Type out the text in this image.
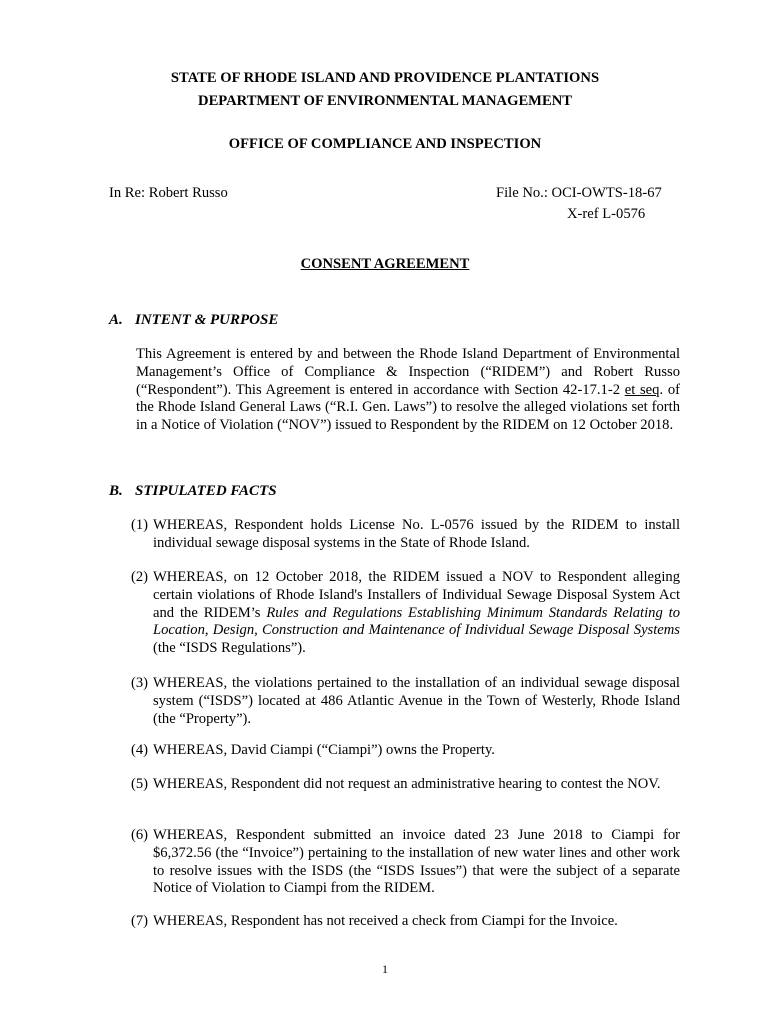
STATE OF RHODE ISLAND AND PROVIDENCE PLANTATIONS
DEPARTMENT OF ENVIRONMENTAL MANAGEMENT
OFFICE OF COMPLIANCE AND INSPECTION
In Re: Robert Russo	File No.: OCI-OWTS-18-67
X-ref L-0576
CONSENT AGREEMENT
A. INTENT & PURPOSE
This Agreement is entered by and between the Rhode Island Department of Environmental Management’s Office of Compliance & Inspection (“RIDEM”) and Robert Russo (“Respondent”). This Agreement is entered in accordance with Section 42-17.1-2 et seq. of the Rhode Island General Laws (“R.I. Gen. Laws”) to resolve the alleged violations set forth in a Notice of Violation (“NOV”) issued to Respondent by the RIDEM on 12 October 2018.
B. STIPULATED FACTS
(1) WHEREAS, Respondent holds License No. L-0576 issued by the RIDEM to install individual sewage disposal systems in the State of Rhode Island.
(2) WHEREAS, on 12 October 2018, the RIDEM issued a NOV to Respondent alleging certain violations of Rhode Island's Installers of Individual Sewage Disposal System Act and the RIDEM’s Rules and Regulations Establishing Minimum Standards Relating to Location, Design, Construction and Maintenance of Individual Sewage Disposal Systems (the “ISDS Regulations”).
(3) WHEREAS, the violations pertained to the installation of an individual sewage disposal system (“ISDS”) located at 486 Atlantic Avenue in the Town of Westerly, Rhode Island (the “Property”).
(4) WHEREAS, David Ciampi (“Ciampi”) owns the Property.
(5) WHEREAS, Respondent did not request an administrative hearing to contest the NOV.
(6) WHEREAS, Respondent submitted an invoice dated 23 June 2018 to Ciampi for $6,372.56 (the “Invoice”) pertaining to the installation of new water lines and other work to resolve issues with the ISDS (the “ISDS Issues”) that were the subject of a separate Notice of Violation to Ciampi from the RIDEM.
(7) WHEREAS, Respondent has not received a check from Ciampi for the Invoice.
1
